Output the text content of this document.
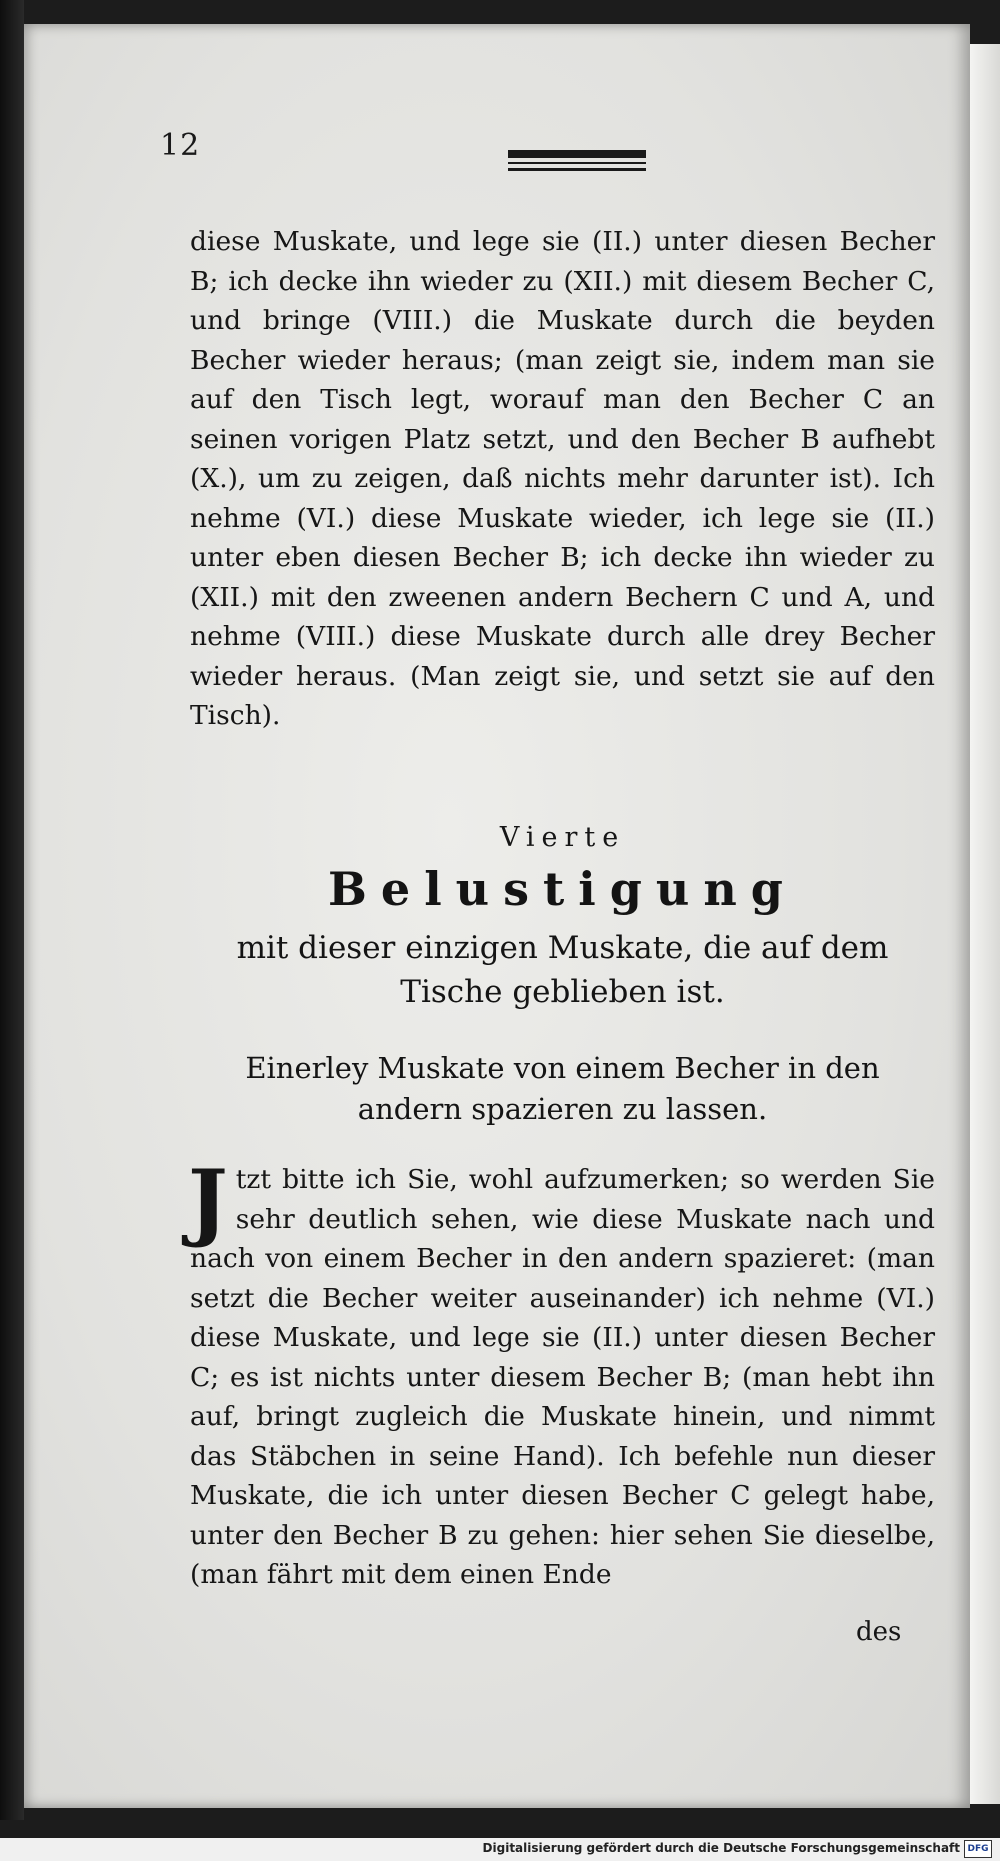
12

diese Muskate, und lege sie (II.) unter diesen Becher B; ich decke ihn wieder zu (XII.) mit diesem Becher C, und bringe (VIII.) die Muskate durch die beyden Becher wieder heraus; (man zeigt sie, indem man sie auf den Tisch legt, worauf man den Becher C an seinen vorigen Platz setzt, und den Becher B aufhebt (X.), um zu zeigen, daß nichts mehr darunter ist). Ich nehme (VI.) diese Muskate wieder, ich lege sie (II.) unter eben diesen Becher B; ich decke ihn wieder zu (XII.) mit den zweenen andern Bechern C und A, und nehme (VIII.) diese Muskate durch alle drey Becher wieder heraus. (Man zeigt sie, und setzt sie auf den Tisch).

Vierte
Belustigung
mit dieser einzigen Muskate, die auf dem Tische geblieben ist.
Einerley Muskate von einem Becher in den andern spazieren zu lassen.
J tzt bitte ich Sie, wohl aufzumerken; so werden Sie sehr deutlich sehen, wie diese Muskate nach und nach von einem Becher in den andern spazieret: (man setzt die Becher weiter auseinander) ich nehme (VI.) diese Muskate, und lege sie (II.) unter diesen Becher C; es ist nichts unter diesem Becher B; (man hebt ihn auf, bringt zugleich die Muskate hinein, und nimmt das Stäbchen in seine Hand). Ich befehle nun dieser Muskate, die ich unter diesen Becher C gelegt habe, unter den Becher B zu gehen: hier sehen Sie dieselbe, (man fährt mit dem einen Ende

des
Digitalisierung gefördert durch die Deutsche Forschungsgemeinschaft DFG
